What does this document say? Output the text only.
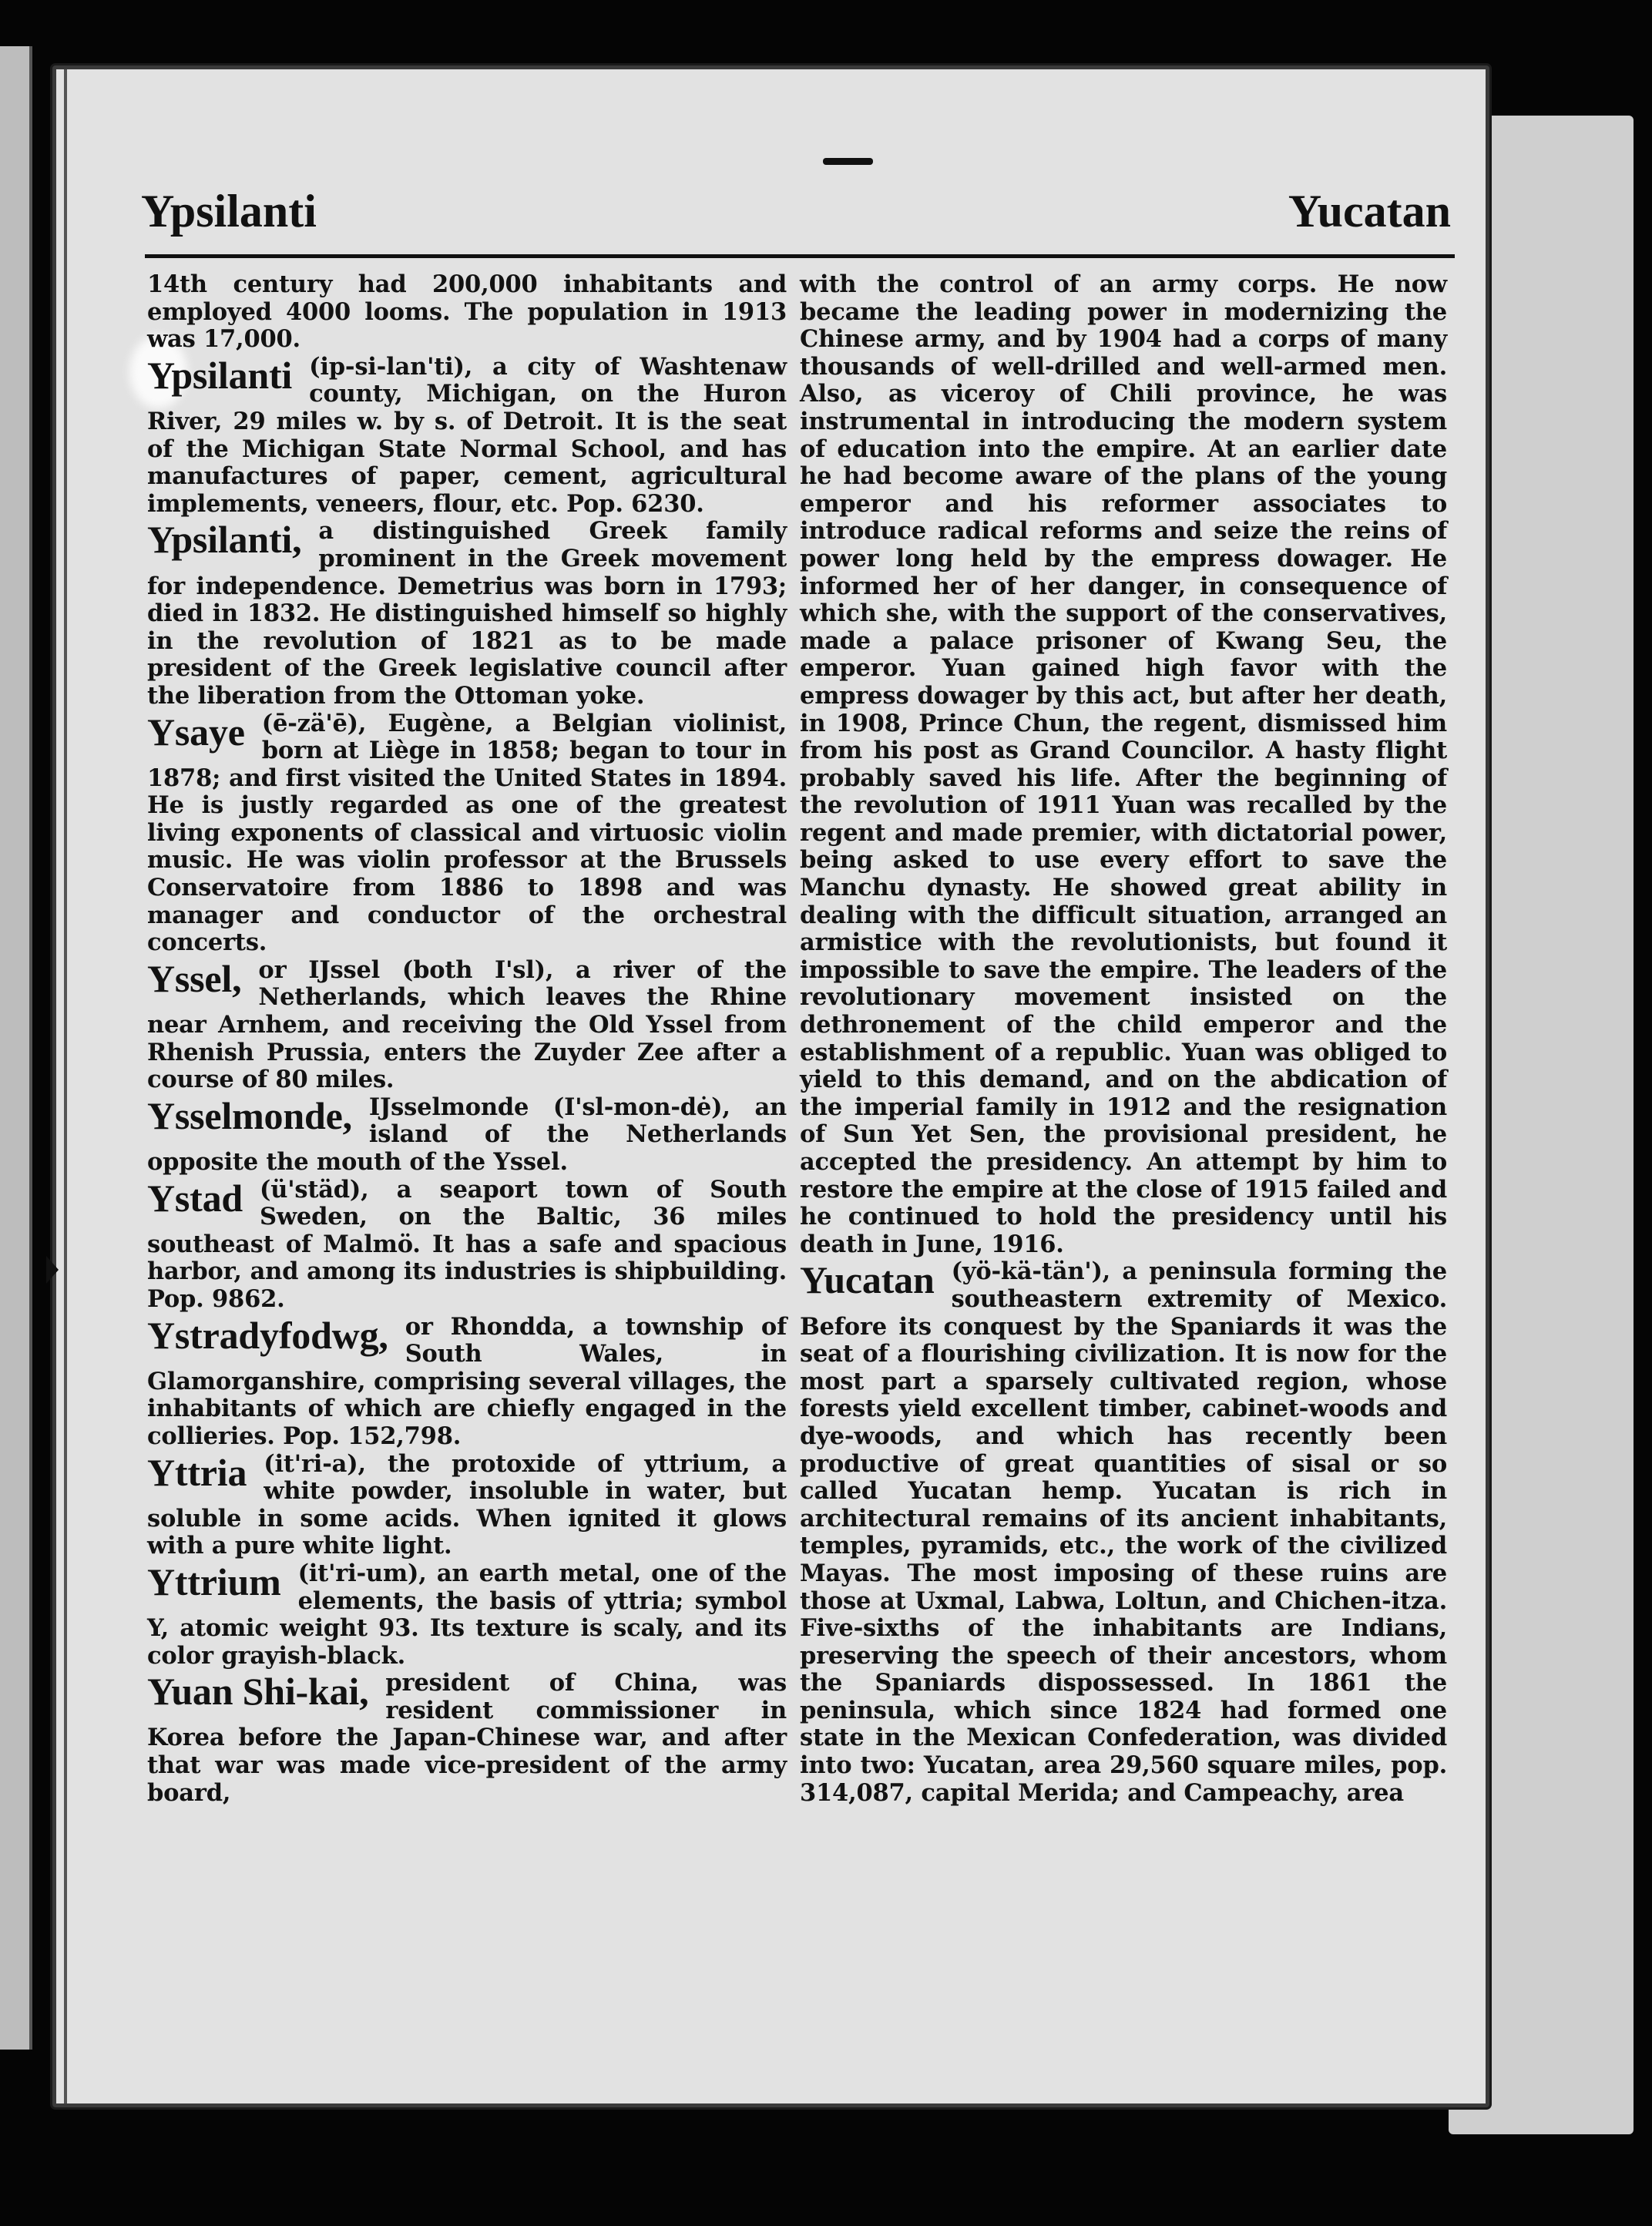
Ypsilanti	Yucatan

14th century had 200,000 inhabitants and employed 4000 looms. The population in 1913 was 17,000.

Ypsilanti (ip-si-lan'ti), a city of Washtenaw county, Michigan, on the Huron River, 29 miles w. by s. of Detroit. It is the seat of the Michigan State Normal School, and has manufactures of paper, cement, agricultural implements, veneers, flour, etc. Pop. 6230.

Ypsilanti, a distinguished Greek family prominent in the Greek movement for independence. Demetrius was born in 1793; died in 1832. He distinguished himself so highly in the revolution of 1821 as to be made president of the Greek legislative council after the liberation from the Ottoman yoke.

Ysaye (ē-zä'ē), Eugène, a Belgian violinist, born at Liège in 1858; began to tour in 1878; and first visited the United States in 1894. He is justly regarded as one of the greatest living exponents of classical and virtuosic violin music. He was violin professor at the Brussels Conservatoire from 1886 to 1898 and was manager and conductor of the orchestral concerts.

Yssel, or IJssel (both I'sl), a river of the Netherlands, which leaves the Rhine near Arnhem, and receiving the Old Yssel from Rhenish Prussia, enters the Zuyder Zee after a course of 80 miles.

Ysselmonde, IJsselmonde (I'sl-mon-dė), an island of the Netherlands opposite the mouth of the Yssel.

Ystad (ü'städ), a seaport town of South Sweden, on the Baltic, 36 miles southeast of Malmö. It has a safe and spacious harbor, and among its industries is shipbuilding. Pop. 9862.

Ystradyfodwg, or Rhondda, a township of South Wales, in Glamorganshire, comprising several villages, the inhabitants of which are chiefly engaged in the collieries. Pop. 152,798.

Yttria (it'ri-a), the protoxide of yttrium, a white powder, insoluble in water, but soluble in some acids. When ignited it glows with a pure white light.

Yttrium (it'ri-um), an earth metal, one of the elements, the basis of yttria; symbol Y, atomic weight 93. Its texture is scaly, and its color grayish-black.

Yuan Shi-kai, president of China, was resident commissioner in Korea before the Japan-Chinese war, and after that war was made vice-president of the army board,

with the control of an army corps. He now became the leading power in modernizing the Chinese army, and by 1904 had a corps of many thousands of well-drilled and well-armed men. Also, as viceroy of Chili province, he was instrumental in introducing the modern system of education into the empire. At an earlier date he had become aware of the plans of the young emperor and his reformer associates to introduce radical reforms and seize the reins of power long held by the empress dowager. He informed her of her danger, in consequence of which she, with the support of the conservatives, made a palace prisoner of Kwang Seu, the emperor. Yuan gained high favor with the empress dowager by this act, but after her death, in 1908, Prince Chun, the regent, dismissed him from his post as Grand Councilor. A hasty flight probably saved his life. After the beginning of the revolution of 1911 Yuan was recalled by the regent and made premier, with dictatorial power, being asked to use every effort to save the Manchu dynasty. He showed great ability in dealing with the difficult situation, arranged an armistice with the revolutionists, but found it impossible to save the empire. The leaders of the revolutionary movement insisted on the dethronement of the child emperor and the establishment of a republic. Yuan was obliged to yield to this demand, and on the abdication of the imperial family in 1912 and the resignation of Sun Yet Sen, the provisional president, he accepted the presidency. An attempt by him to restore the empire at the close of 1915 failed and he continued to hold the presidency until his death in June, 1916.

Yucatan (yö-kä-tän'), a peninsula forming the southeastern extremity of Mexico. Before its conquest by the Spaniards it was the seat of a flourishing civilization. It is now for the most part a sparsely cultivated region, whose forests yield excellent timber, cabinet-woods and dye-woods, and which has recently been productive of great quantities of sisal or so called Yucatan hemp. Yucatan is rich in architectural remains of its ancient inhabitants, temples, pyramids, etc., the work of the civilized Mayas. The most imposing of these ruins are those at Uxmal, Labwa, Loltun, and Chichen-itza. Five-sixths of the inhabitants are Indians, preserving the speech of their ancestors, whom the Spaniards dispossessed. In 1861 the peninsula, which since 1824 had formed one state in the Mexican Confederation, was divided into two: Yucatan, area 29,560 square miles, pop. 314,087, capital Merida; and Campeachy, area
